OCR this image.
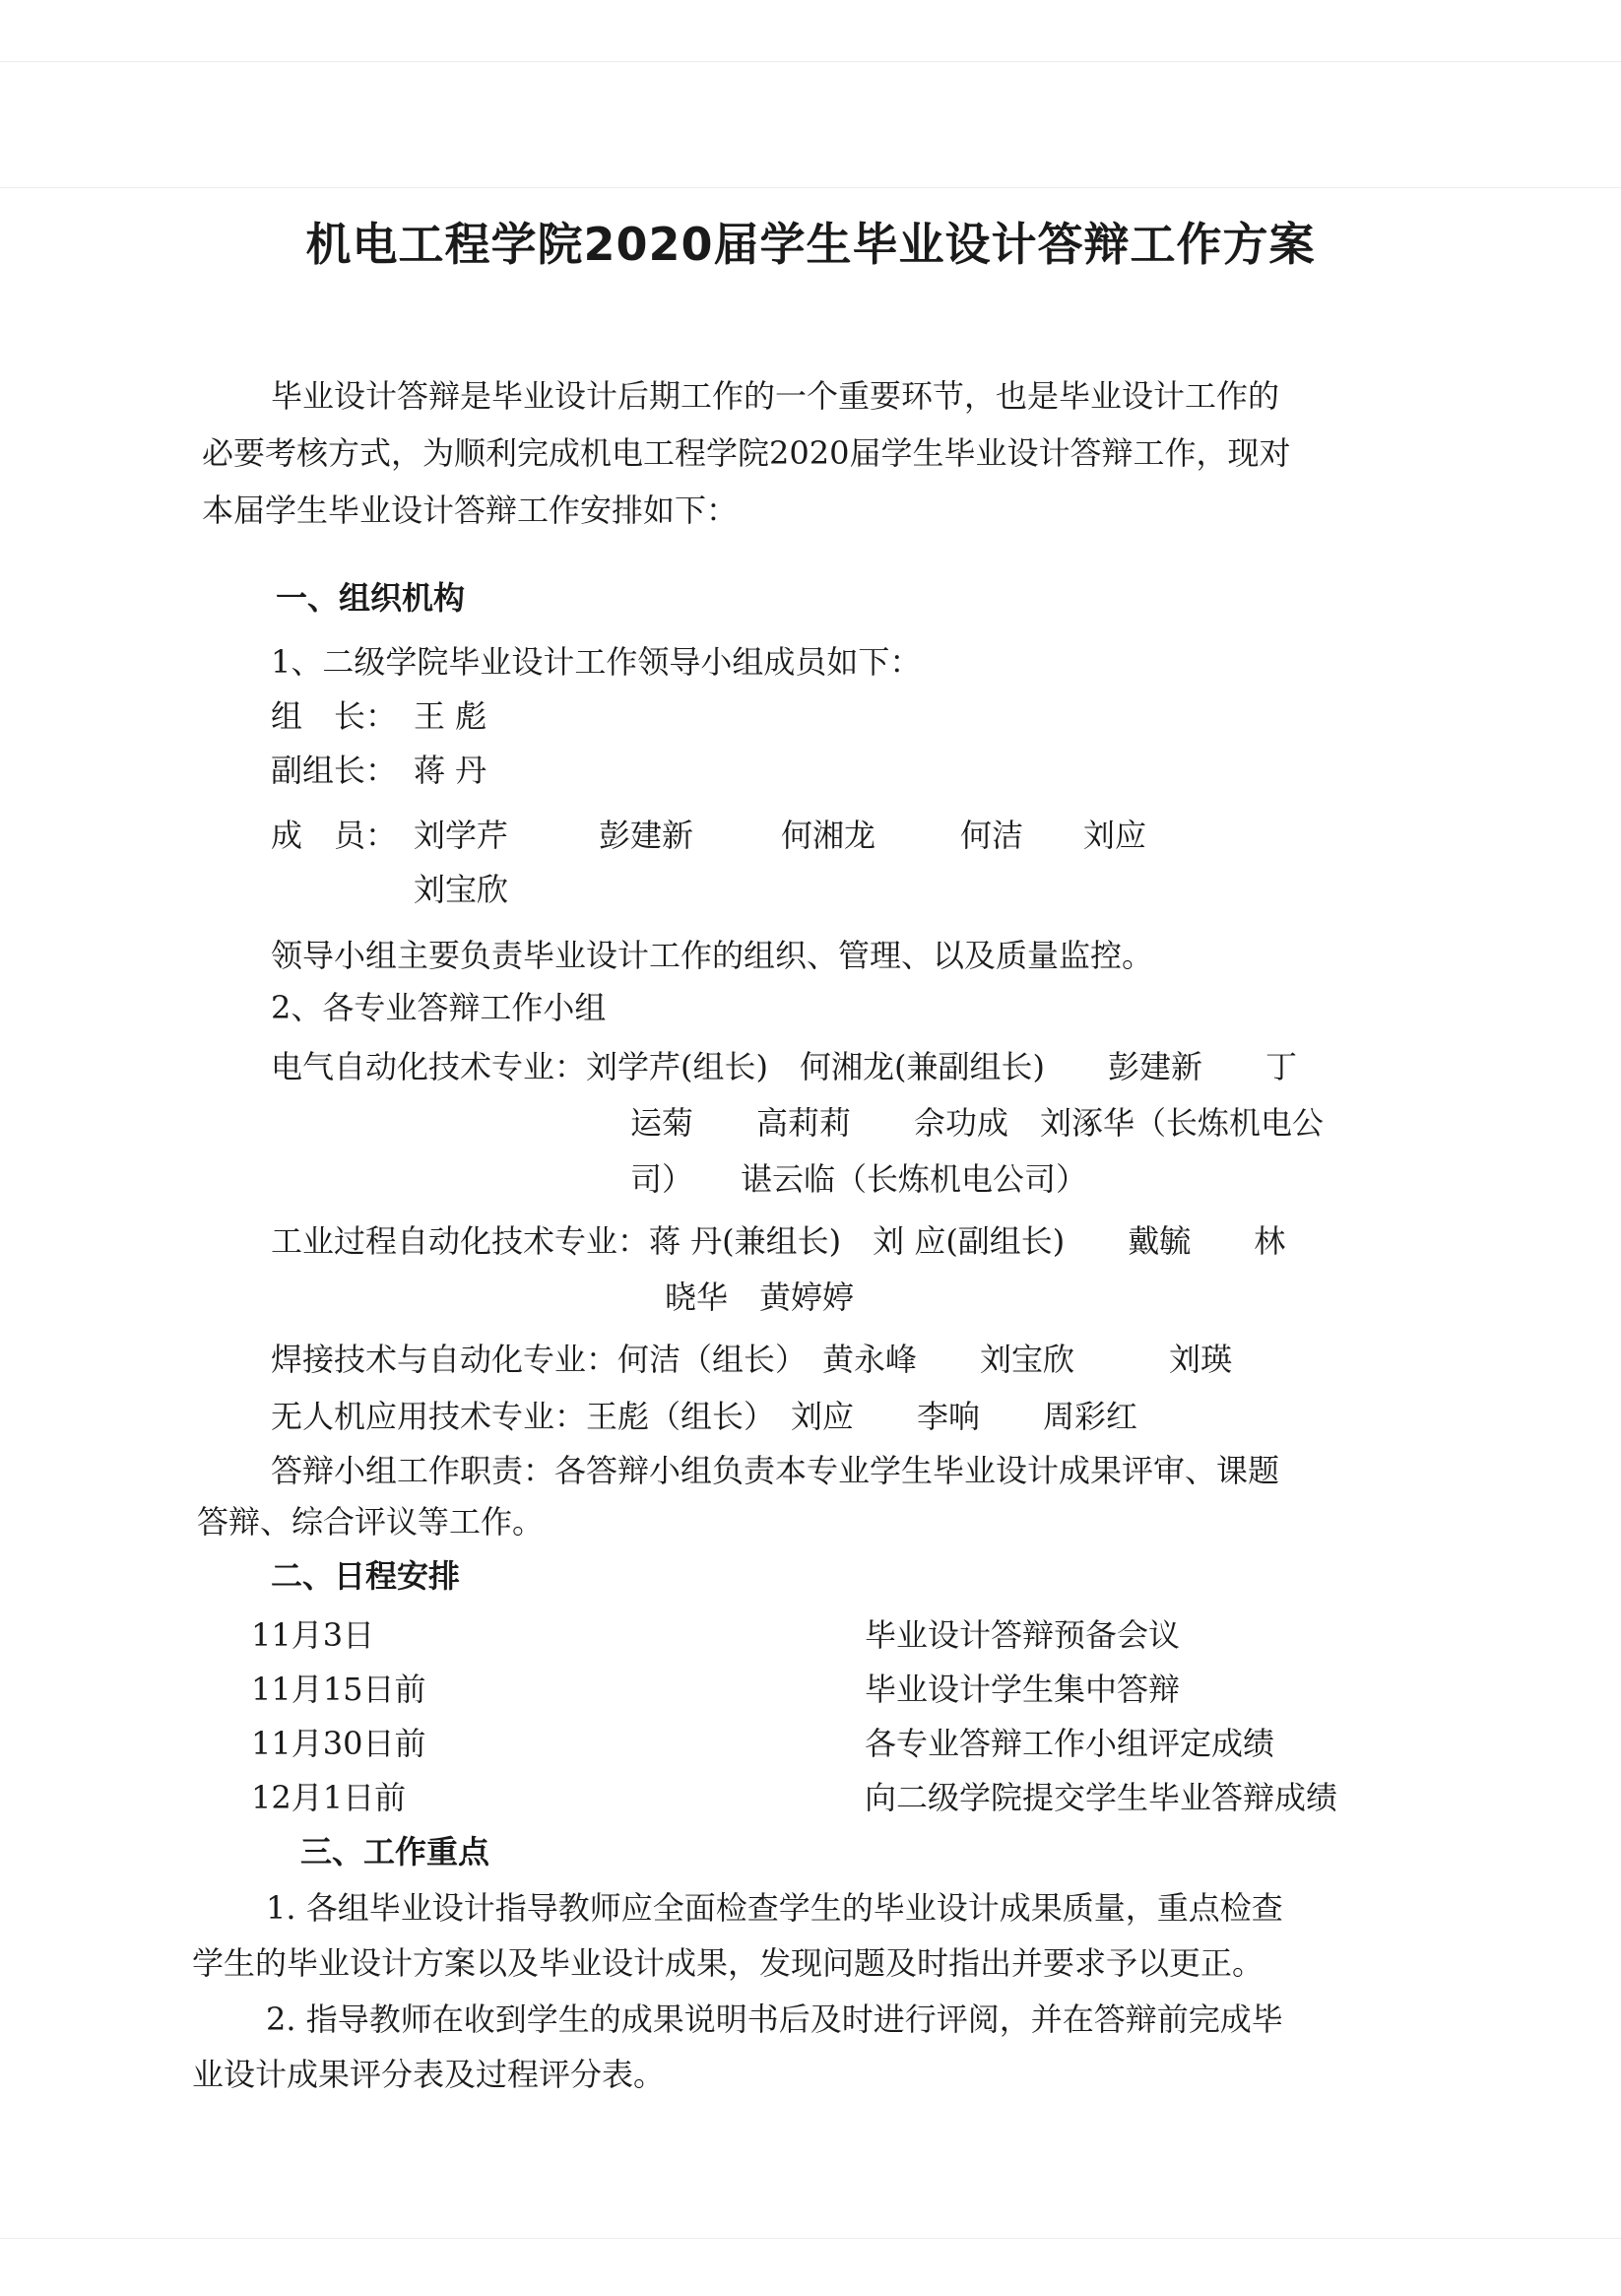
机电工程学院2020届学生毕业设计答辩工作方案
毕业设计答辩是毕业设计后期工作的一个重要环节，也是毕业设计工作的
必要考核方式，为顺利完成机电工程学院2020届学生毕业设计答辩工作，现对
本届学生毕业设计答辩工作安排如下：
一、组织机构
1、二级学院毕业设计工作领导小组成员如下：
组　长： 王 彪
副组长： 蒋 丹
成　员： 刘学芹	彭建新	何湘龙	何洁 刘应
刘宝欣
领导小组主要负责毕业设计工作的组织、管理、以及质量监控。
2、各专业答辩工作小组
电气自动化技术专业：刘学芹(组长)　何湘龙(兼副组长)　　彭建新　　丁
运菊　　高莉莉　　佘功成　刘涿华（长炼机电公
司）　　谌云临（长炼机电公司）
工业过程自动化技术专业：蒋 丹(兼组长)　刘 应(副组长)　　戴毓　　林
晓华　黄婷婷
焊接技术与自动化专业：何洁（组长）　黄永峰　　刘宝欣　　　刘瑛
无人机应用技术专业：王彪（组长）　刘应　　李响　　周彩红
答辩小组工作职责：各答辩小组负责本专业学生毕业设计成果评审、课题
答辩、综合评议等工作。
二、日程安排
11月3日	毕业设计答辩预备会议
11月15日前	毕业设计学生集中答辩
11月30日前	各专业答辩工作小组评定成绩
12月1日前	向二级学院提交学生毕业答辩成绩
三、工作重点
1. 各组毕业设计指导教师应全面检查学生的毕业设计成果质量，重点检查
学生的毕业设计方案以及毕业设计成果，发现问题及时指出并要求予以更正。
2. 指导教师在收到学生的成果说明书后及时进行评阅，并在答辩前完成毕
业设计成果评分表及过程评分表。
